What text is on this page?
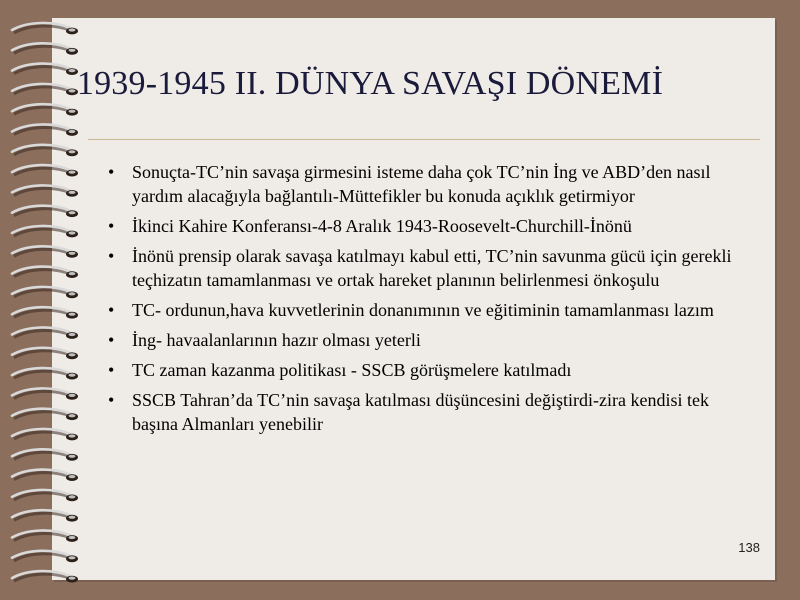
1939-1945 II. DÜNYA SAVAŞI DÖNEMİ
• Sonuçta-TC’nin savaşa girmesini isteme daha çok TC’nin İng ve ABD’den nasıl yardım alacağıyla bağlantılı-Müttefikler bu konuda açıklık getirmiyor
• İkinci Kahire Konferansı-4-8 Aralık 1943-Roosevelt-Churchill-İnönü
• İnönü prensip olarak savaşa katılmayı kabul etti, TC’nin savunma gücü için gerekli teçhizatın tamamlanması ve ortak hareket planının belirlenmesi önkoşulu
• TC- ordunun,hava kuvvetlerinin donanımının ve eğitiminin tamamlanması lazım
• İng- havaalanlarının hazır olması yeterli
• TC zaman kazanma politikası - SSCB görüşmelere katılmadı
• SSCB Tahran’da TC’nin savaşa katılması düşüncesini değiştirdi-zira kendisi tek başına Almanları yenebilir
138
